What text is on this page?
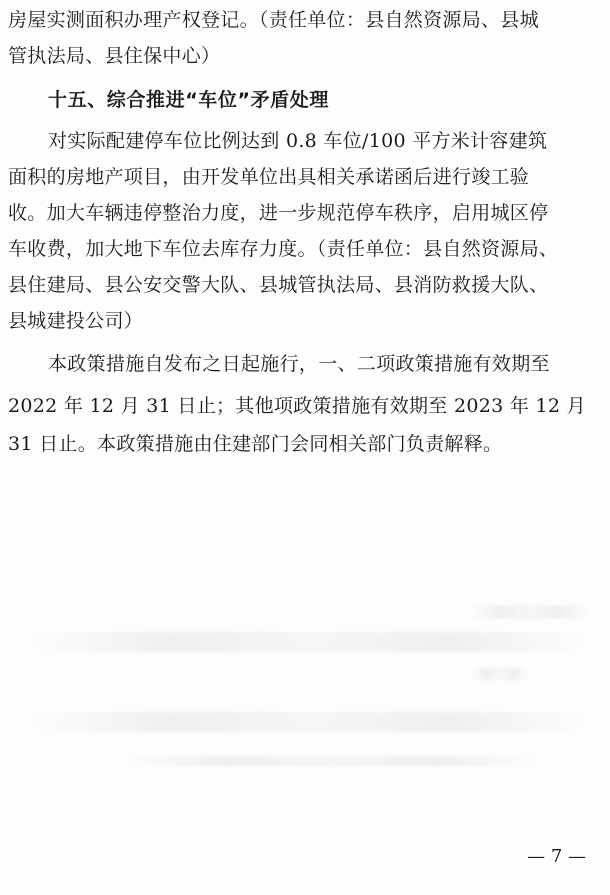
房屋实测面积办理产权登记。（责任单位：县自然资源局、县城
管执法局、县住保中心）
十五、综合推进“车位”矛盾处理
对实际配建停车位比例达到 0.8 车位/100 平方米计容建筑
面积的房地产项目，由开发单位出具相关承诺函后进行竣工验
收。加大车辆违停整治力度，进一步规范停车秩序，启用城区停
车收费，加大地下车位去库存力度。（责任单位：县自然资源局、
县住建局、县公安交警大队、县城管执法局、县消防救援大队、
县城建投公司）
本政策措施自发布之日起施行，一、二项政策措施有效期至
2022 年 12 月 31 日止；其他项政策措施有效期至 2023 年 12 月
31 日止。本政策措施由住建部门会同相关部门负责解释。
— 7 —
